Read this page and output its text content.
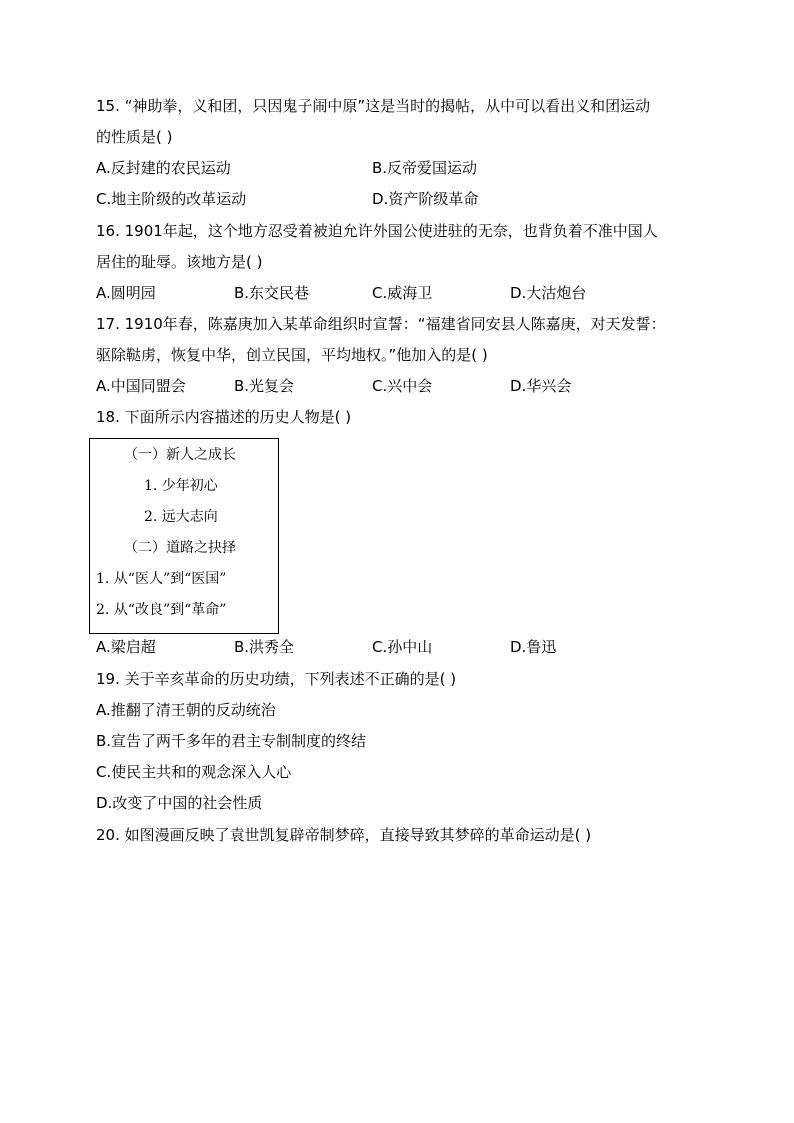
15. “神助拳，义和团，只因鬼子闹中原”这是当时的揭帖，从中可以看出义和团运动
的性质是( )
A.反封建的农民运动	B.反帝爱国运动
C.地主阶级的改革运动	D.资产阶级革命
16. 1901年起，这个地方忍受着被迫允许外国公使进驻的无奈，也背负着不准中国人
居住的耻辱。该地方是( )
A.圆明园	B.东交民巷	C.威海卫	D.大沽炮台
17. 1910年春，陈嘉庚加入某革命组织时宣誓：“福建省同安县人陈嘉庚，对天发誓：
驱除鞑虏，恢复中华，创立民国，平均地权。”他加入的是( )
A.中国同盟会	B.光复会	C.兴中会	D.华兴会
18. 下面所示内容描述的历史人物是( )
（一）新人之成长
1. 少年初心
2. 远大志向
（二）道路之抉择
1. 从“医人”到“医国”
2. 从“改良”到“革命”
A.梁启超	B.洪秀全	C.孙中山	D.鲁迅
19. 关于辛亥革命的历史功绩，下列表述不正确的是( )
A.推翻了清王朝的反动统治
B.宣告了两千多年的君主专制制度的终结
C.使民主共和的观念深入人心
D.改变了中国的社会性质
20. 如图漫画反映了袁世凯复辟帝制梦碎，直接导致其梦碎的革命运动是( )
